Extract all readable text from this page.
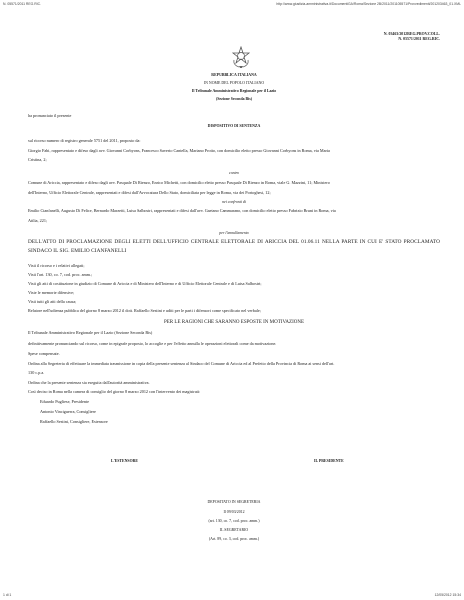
N. 05571/2011 REG.RIC.	http://www.giustizia-amministrativa.it/DocumentiGA/Roma/Sezione 2B/2011/201105571/Provvedimenti/201203463_01.XML
N. 03463/2012REG.PROV.COLL.
N. 05571/2011 REG.RIC.
REPUBBLICA ITALIANA
IN NOME DEL POPOLO ITALIANO
Il Tribunale Amministrativo Regionale per il Lazio
(Sezione Seconda Bis)
ha pronunciato il presente
DISPOSITIVO DI SENTENZA
sul ricorso numero di registro generale 5751 del 2011, proposto da:
Giorgio Fabi, rappresentato e difeso dagli avv. Giovanni Corbyons, Francesco Saverio Cantella, Mariano Protto, con domicilio eletto presso Giovanni Corbyons in Roma, via Maria
Cristina, 2;
contro
Comune di Ariccia, rappresentato e difeso dagli avv. Pasquale Di Rienzo, Enrico Michetti, con domicilio eletto presso Pasquale Di Rienzo in Roma, viale G. Mazzini, 11; Ministero
dell'Interno, Ufficio Elettorale Centrale, rappresentati e difesi dall'Avvocatura Dello Stato, domiciliata per legge in Roma, via dei Portoghesi, 12;
nei confronti di
Emilio Cianfanelli, Augusto Di Felice, Bernardo Marzetti, Luisa Salbostri, rappresentati e difesi dall'avv. Gaetano Cammarano, con domicilio eletto presso Fabrizio Bruni in Roma, via
Atilia, 221;
per l'annullamento
DELL'ATTO DI PROCLAMAZIONE DEGLI ELETTI DELL'UFFICIO CENTRALE ELETTORALE DI ARICCIA DEL 01.06.11 NELLA PARTE IN CUI E' STATO PROCLAMATO SINDACO IL SIG. EMILIO CIANFANELLI
Visti il ricorso e i relativi allegati;
Visti l'art. 130, co. 7, cod. proc. amm.;
Visti gli atti di costituzione in giudizio di Comune di Ariccia e di Ministero dell'Interno e di Ufficio Elettorale Centrale e di Luisa Salbostri;
Viste le memorie difensive;
Visti tutti gli atti della causa;
Relatore nell'udienza pubblica del giorno 8 marzo 2012 il dott. Raffaello Sestini e uditi per le parti i difensori come specificato nel verbale;
PER LE RAGIONI CHE SARANNO ESPOSTE IN MOTIVAZIONE
Il Tribunale Amministrativo Regionale per il Lazio (Sezione Seconda Bis)
definitivamente pronunciando sul ricorso, come in epigrafe proposto, lo accoglie e per l'effetto annulla le operazioni elettorali come da motivazione.
Spese compensate.
Ordina alla Segreteria di effettuare la immediata trasmissione in copia della presente sentenza al Sindaco del Comune di Ariccia ed al Prefetto della Provincia di Roma ai sensi dell'art.
130 c.p.a.
Ordina che la presente sentenza sia eseguita dall'autorità amministrativa.
Così deciso in Roma nella camera di consiglio del giorno 8 marzo 2012 con l'intervento dei magistrati:
Eduardo Pugliese, Presidente
Antonio Vinciguerra, Consigliere
Raffaello Sestini, Consigliere, Estensore
L'ESTENSORE	IL PRESIDENTE
DEPOSITATO IN SEGRETERIA
Il 09/03/2012
(art. 130, co. 7, cod. proc. amm.)
IL SEGRETARIO
(Art. 89, co. 3, cod. proc. amm.)
1 di 1	12/05/2012 15:34
